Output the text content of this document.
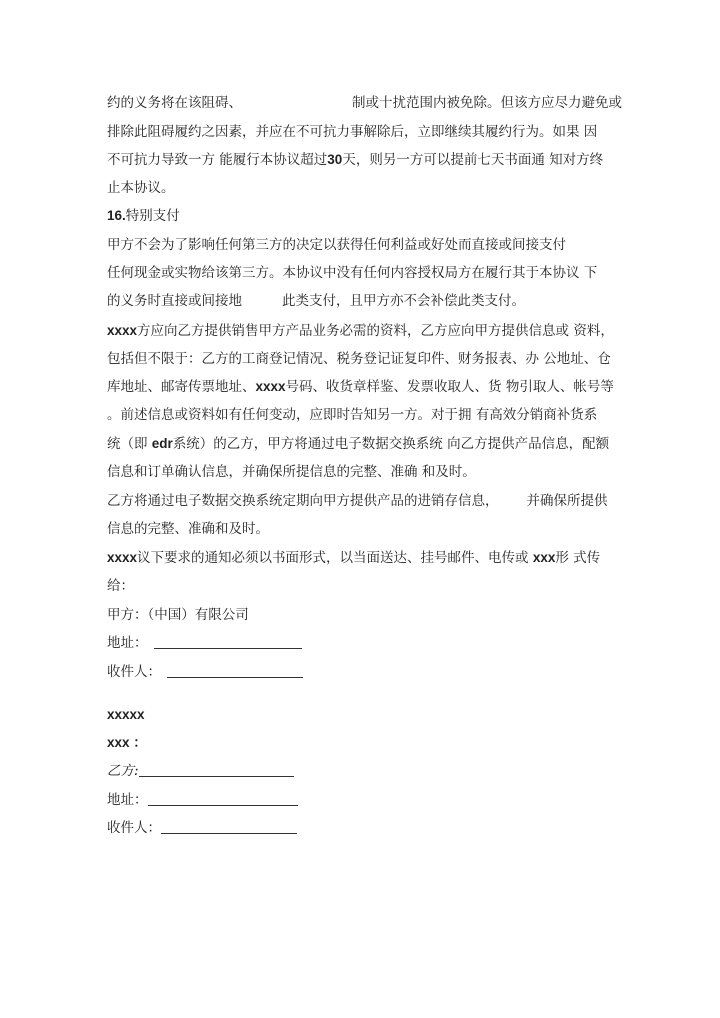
约的义务将在该阻碍、	制或十扰范围内被免除。但该方应尽力避免或
排除此阻碍履约之因素，并应在不可抗力事解除后，立即继续其履约行为。如果 因
不可抗力导致一方 能履行本协议超过30天，则另一方可以提前七天书面通 知对方终
止本协议。
16.特别支付
甲方不会为了影响任何第三方的决定以获得任何利益或好处而直接或间接支付
任何现金或实物给该第三方。本协议中没有任何内容授权局方在履行其于本协议 下
的义务时直接或间接地	此类支付，且甲方亦不会补偿此类支付。
xxxx方应向乙方提供销售甲方产品业务必需的资料，乙方应向甲方提供信息或 资料，
包括但不限于：乙方的工商登记情况、税务登记证复印件、财务报表、办 公地址、仓
库地址、邮寄传票地址、xxxx号码、收货章样鉴、发票收取人、货 物引取人、帐号等
。前述信息或资料如有任何变动，应即时告知另一方。对于拥 有高效分销商补货系
统（即 edr系统）的乙方，甲方将通过电子数据交换系统 向乙方提供产品信息，配额
信息和订单确认信息，并确保所提信息的完整、准确 和及时。
乙方将通过电子数据交换系统定期向甲方提供产品的进销存信息， 并确保所提供
信息的完整、准确和及时。
xxxx议下要求的通知必须以书面形式，以当面送达、挂号邮件、电传或 xxx形 式传
给：
甲方：（中国）有限公司
地址：
收件人：
xxxxx
xxx ：
乙方:
地址：
收件人：
